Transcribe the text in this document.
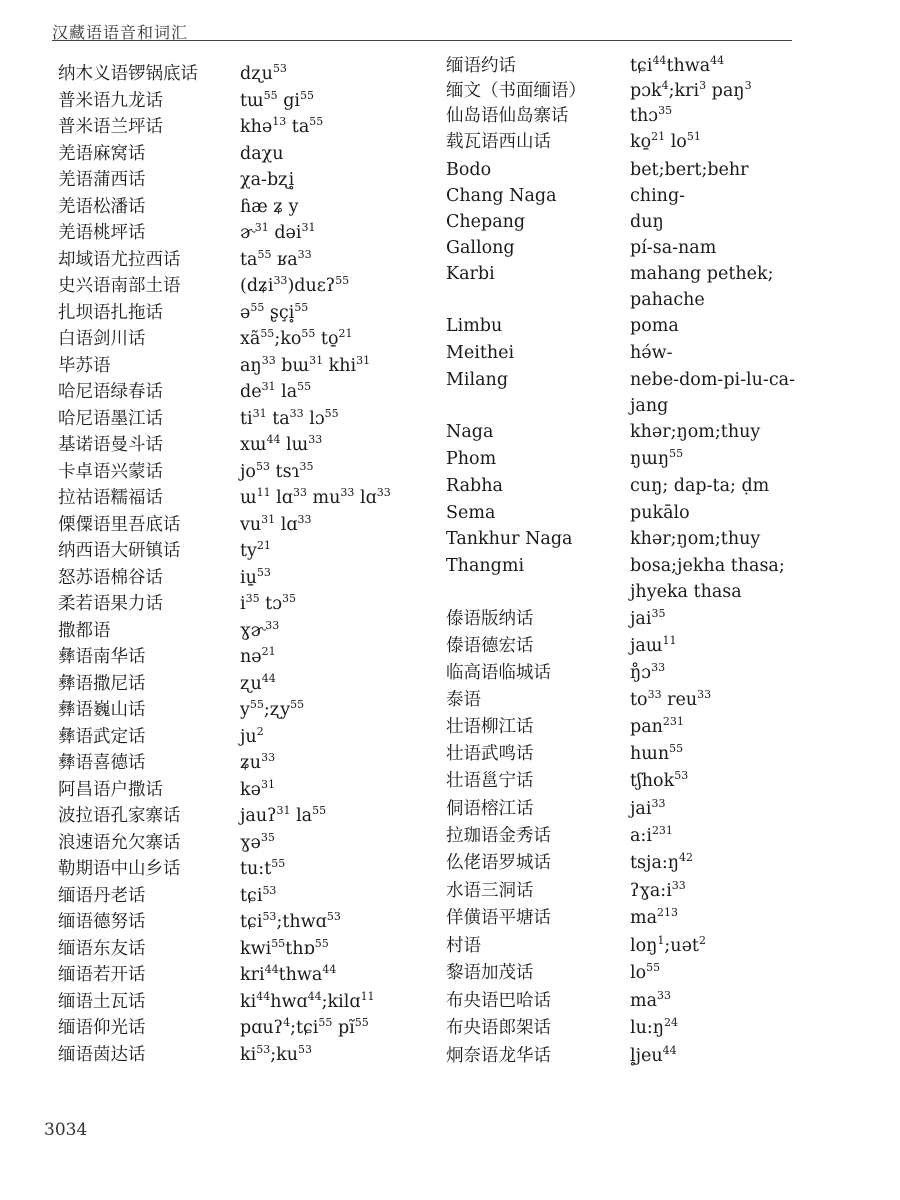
汉藏语语音和词汇
纳木义语锣锅底话
普米语九龙话
普米语兰坪话
羌语麻窝话
羌语蒲西话
羌语松潘话
羌语桃坪话
却域语尤拉西话
史兴语南部土语
扎坝语扎拖话
白语剑川话
毕苏语
哈尼语绿春话
哈尼语墨江话
基诺语曼斗话
卡卓语兴蒙话
拉祜语糯福话
傈僳语里吾底话
纳西语大研镇话
怒苏语棉谷话
柔若语果力话
撒都语
彝语南华话
彝语撒尼话
彝语巍山话
彝语武定话
彝语喜德话
阿昌语户撒话
波拉语孔家寨话
浪速语允欠寨话
勒期语中山乡话
缅语丹老话
缅语德努话
缅语东友话
缅语若开话
缅语土瓦话
缅语仰光话
缅语茵达话
dʐu$^{53}$
tɯ$^{55}$ $gi^{55}$
khə$^{13}$ $ta^{55}$
daχu
χa-bʐi̥
ɦæ ʑ y
ɚ$^{31}$ dəi$^{31}$
$ta^{55}$ ʁa$^{33}$
(dʑi$^{33}$)duɛʔ$^{55}$
ə$^{55}$ ʂçi̥$^{55}$
$xã^{55};ko^{55}$ to̱$^{21}$
$aŋ^{33}$ bɯ$^{31}$ khi$^{31}$
$de^{31}$ $la^{55}$
$ti^{31}$ $ta^{33}$ lɔ$^{55}$
xɯ$^{44}$ lɯ$^{33}$
$jo^{53}$ tsɿ$^{35}$
ɯ$^{11}$ lɑ$^{33}$ $mu^{33}$ lɑ$^{33}$
$vu^{31}$ lɑ$^{33}$
$ty^{21}$
iu̱$^{53}$
$i^{35}$ tɔ$^{35}$
ɣɚ$^{33}$
nə$^{21}$
ʐu$^{44}$
$y^{55};ʐy^{55}$
$ju^2$
ʑu$^{33}$
kə$^{31}$
jauʔ$^{31}$ $la^{55}$
ɣə$^{35}$
$tu:t^{55}$
tɕi$^{53}$
tɕi$^{53}$;thwɑ$^{53}$
kwi$^{55}$thɒ$^{55}$
kri$^{44}$thwa$^{44}$
$ki^{44}hwɑ^{44};kilɑ^{11}$
pɑuʔ$^4$;tɕi$^{55}$ $pĩ^{55}$
$ki^{53};ku^{53}$
缅语约话
缅文（书面缅语）
仙岛语仙岛寨话
载瓦语西山话
Bodo
Chang Naga
Chepang
Gallong
Karbi
Limbu
Meithei
Milang
Naga
Phom
Rabha
Sema
Tankhur Naga
Thangmi
傣语版纳话
傣语德宏话
临高语临城话
泰语
壮语柳江话
壮语武鸣话
壮语邕宁话
侗语榕江话
拉珈语金秀话
仫佬语罗城话
水语三洞话
佯僙语平塘话
村语
黎语加茂话
布央语巴哈话
布央语郎架话
炯奈语龙华话
tɕi$^{44}$thwa$^{44}$
pɔk$^4$;kri$^3$ paŋ$^3$
thɔ$^{35}$
ko̱$^{21}$ $lo^{51}$
bet;bert;behr
ching-
duŋ
pí-sa-nam
mahang pethek;
pahache
poma
hə́w-
nebe-dom-pi-lu-ca-
jang
khər;ŋom;thuy
ŋɯŋ$^{55}$
cuŋ; dap-ta; ḍm
pukālo
khər;ŋom;thuy
bosa;jekha thasa;
jhyeka thasa
jai$^{35}$
jaɯ$^{11}$
ŋ̊ɔ$^{33}$
$to^{33}$ reu$^{33}$
pan$^{231}$
hɯn$^{55}$
tʃhok$^{53}$
jai$^{33}$
$a:i^{231}$
$tsja:ŋ^{42}$
$ʔɣa:i^{33}$
$ma^{213}$
loŋ$^1$;uət$^2$
$lo^{55}$
$ma^{33}$
$lu:ŋ^{24}$
l̥jeu$^{44}$
3034
